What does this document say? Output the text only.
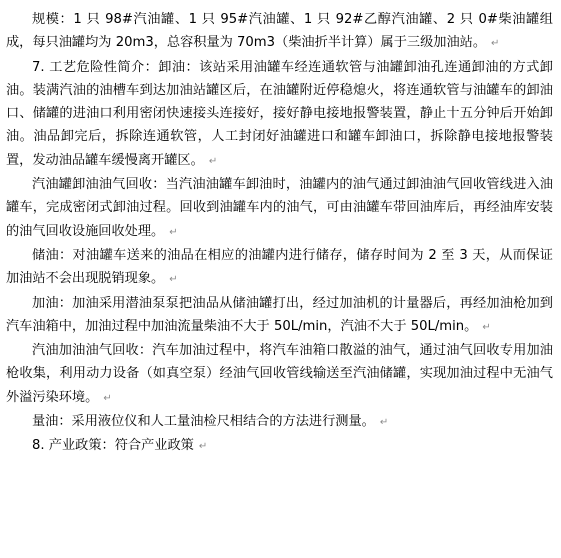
规模：1 只 98#汽油罐、1 只 95#汽油罐、1 只 92#乙醇汽油罐、2 只 0#柴油罐组成，每只油罐均为 20m3，总容积量为 70m3（柴油折半计算）属于三级加油站。 ↵

7. 工艺危险性简介：卸油：该站采用油罐车经连通软管与油罐卸油孔连通卸油的方式卸油。装满汽油的油槽车到达加油站罐区后，在油罐附近停稳熄火，将连通软管与油罐车的卸油口、储罐的进油口利用密闭快速接头连接好，接好静电接地报警装置，静止十五分钟后开始卸油。油品卸完后，拆除连通软管，人工封闭好油罐进口和罐车卸油口，拆除静电接地报警装置，发动油品罐车缓慢离开罐区。 ↵

汽油罐卸油油气回收：当汽油油罐车卸油时，油罐内的油气通过卸油油气回收管线进入油罐车，完成密闭式卸油过程。回收到油罐车内的油气，可由油罐车带回油库后，再经油库安装的油气回收设施回收处理。 ↵

储油：对油罐车送来的油品在相应的油罐内进行储存，储存时间为 2 至 3 天，从而保证加油站不会出现脱销现象。 ↵

加油：加油采用潜油泵泵把油品从储油罐打出，经过加油机的计量器后，再经加油枪加到汽车油箱中，加油过程中加油流量柴油不大于 50L/min，汽油不大于 50L/min。 ↵

汽油加油油气回收：汽车加油过程中，将汽车油箱口散溢的油气，通过油气回收专用加油枪收集，利用动力设备（如真空泵）经油气回收管线输送至汽油储罐，实现加油过程中无油气外溢污染环境。 ↵

量油：采用液位仪和人工量油检尺相结合的方法进行测量。 ↵

8. 产业政策：符合产业政策 ↵
